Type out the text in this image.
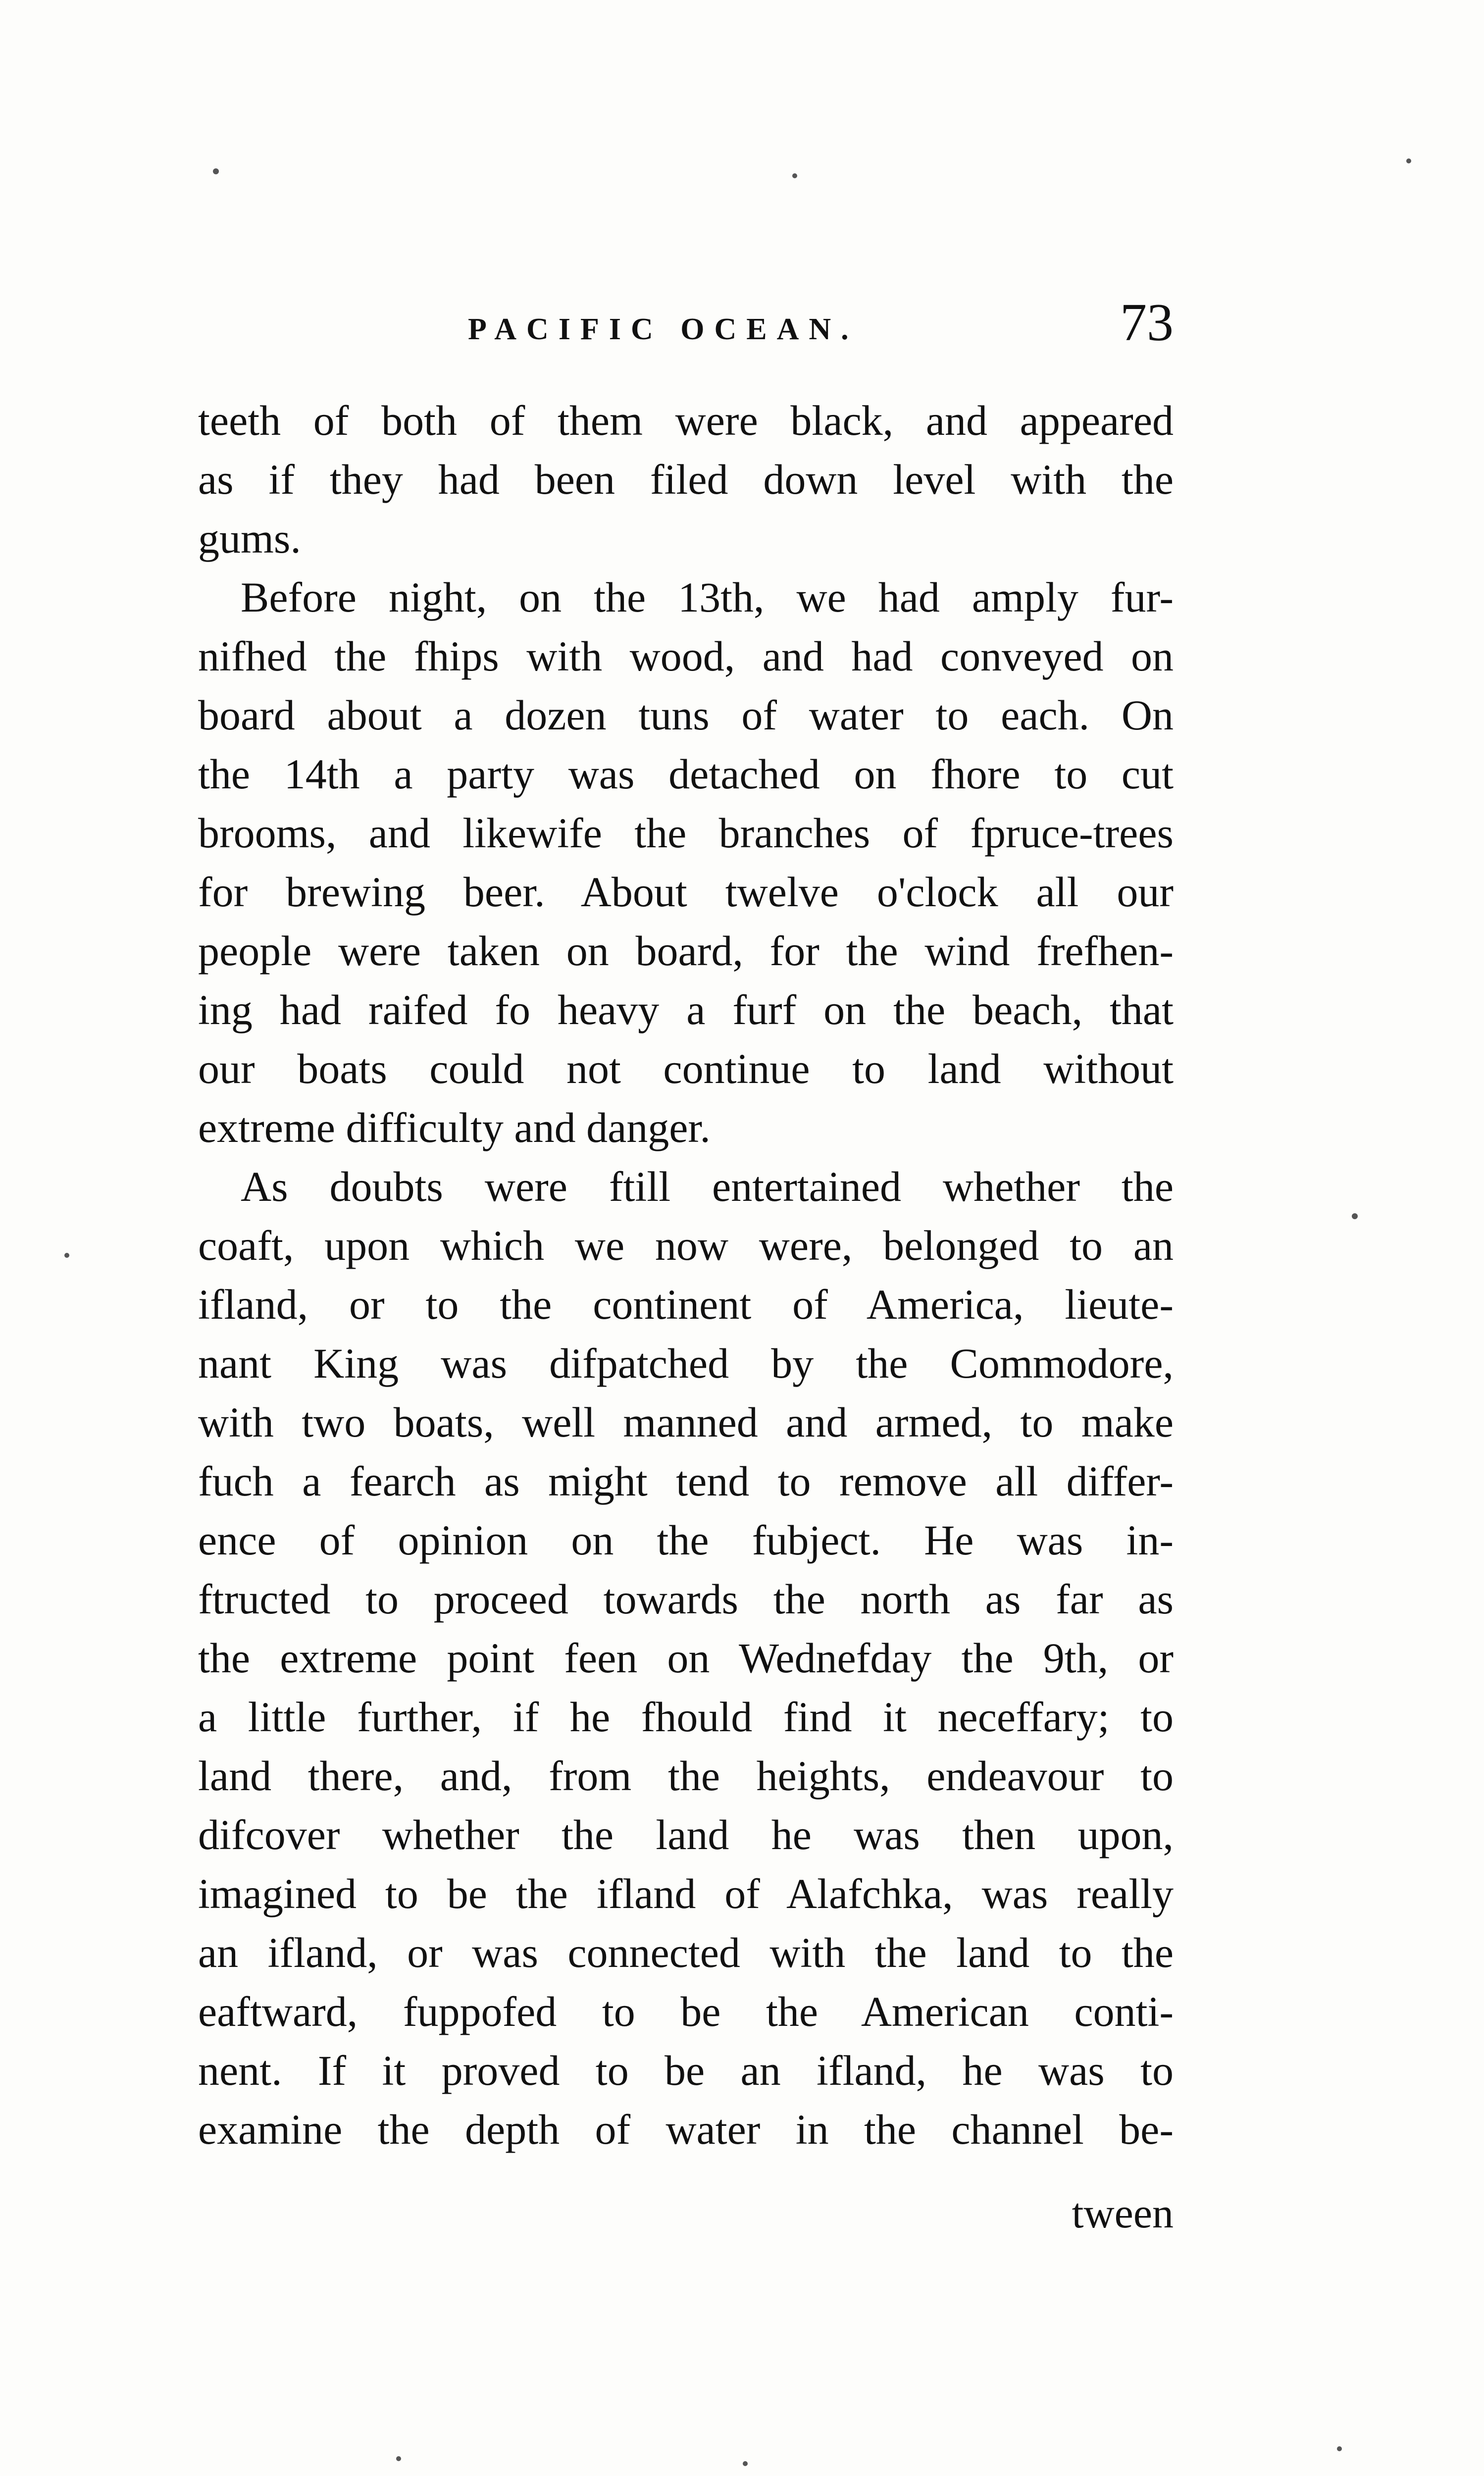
PACIFIC OCEAN.	73
teeth of both of them were black, and appeared
as if they had been filed down level with the
gums.
Before night, on the 13th, we had amply fur-
nifhed the fhips with wood, and had conveyed on
board about a dozen tuns of water to each. On
the 14th a party was detached on fhore to cut
brooms, and likewife the branches of fpruce-trees
for brewing beer. About twelve o'clock all our
people were taken on board, for the wind frefhen-
ing had raifed fo heavy a furf on the beach, that
our boats could not continue to land without
extreme difficulty and danger.
As doubts were ftill entertained whether the
coaft, upon which we now were, belonged to an
ifland, or to the continent of America, lieute-
nant King was difpatched by the Commodore,
with two boats, well manned and armed, to make
fuch a fearch as might tend to remove all differ-
ence of opinion on the fubject. He was in-
ftructed to proceed towards the north as far as
the extreme point feen on Wednefday the 9th, or
a little further, if he fhould find it neceffary; to
land there, and, from the heights, endeavour to
difcover whether the land he was then upon,
imagined to be the ifland of Alafchka, was really
an ifland, or was connected with the land to the
eaftward, fuppofed to be the American conti-
nent. If it proved to be an ifland, he was to
examine the depth of water in the channel be-
tween
